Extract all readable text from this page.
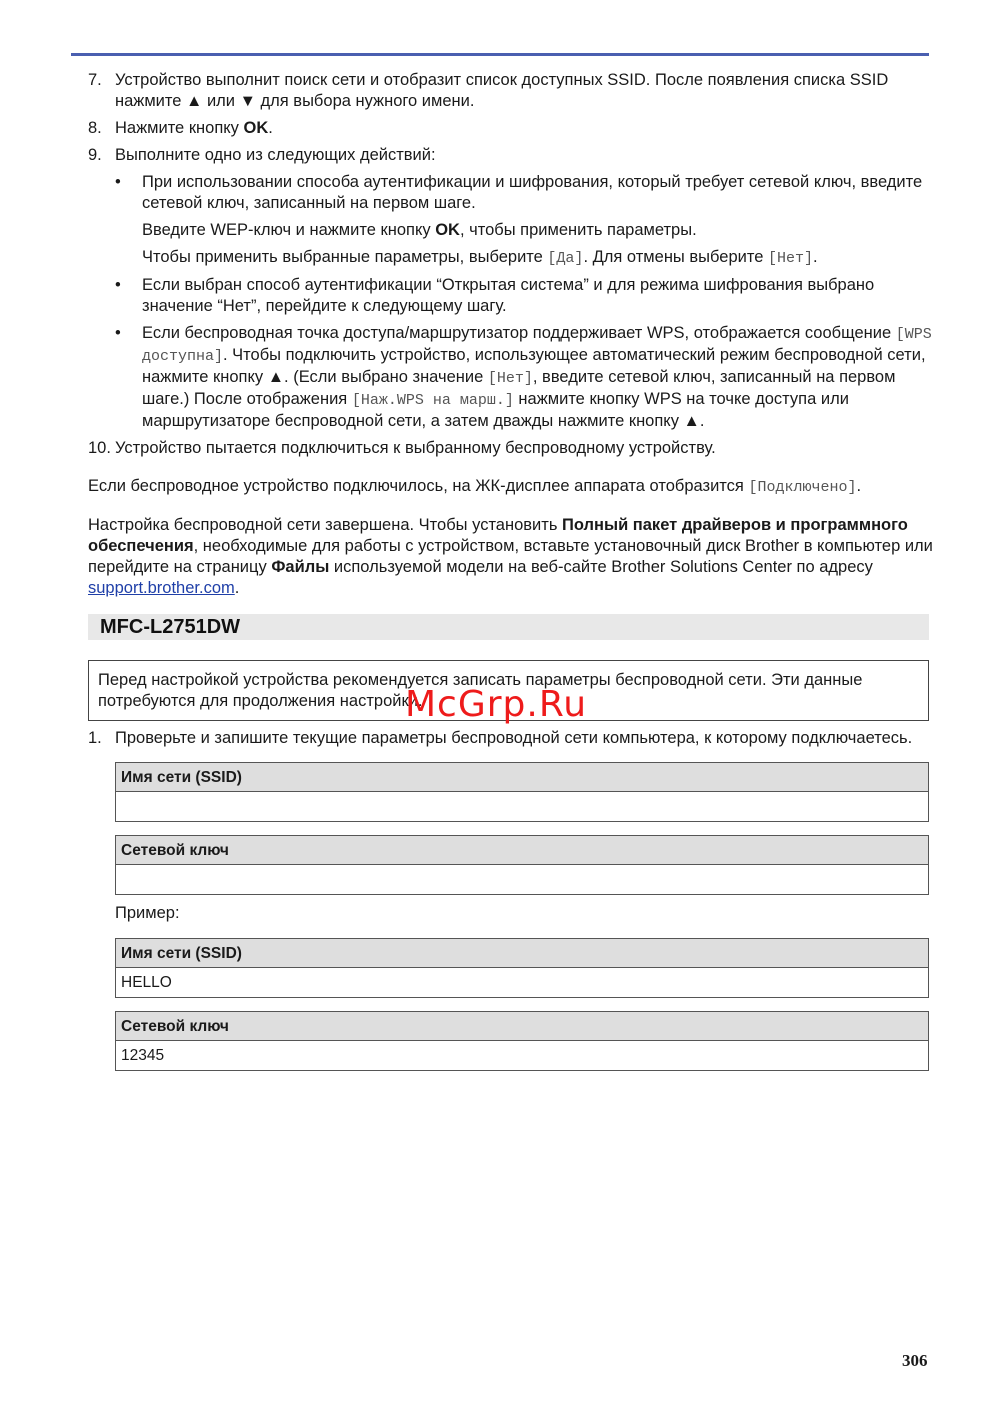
7. Устройство выполнит поиск сети и отобразит список доступных SSID. После появления списка SSID нажмите ▲ или ▼ для выбора нужного имени.
8. Нажмите кнопку OK.
9. Выполните одно из следующих действий:
• При использовании способа аутентификации и шифрования, который требует сетевой ключ, введите сетевой ключ, записанный на первом шаге.

Введите WEP-ключ и нажмите кнопку OK, чтобы применить параметры.

Чтобы применить выбранные параметры, выберите [Да]. Для отмены выберите [Нет].

• Если выбран способ аутентификации “Открытая система” и для режима шифрования выбрано значение “Нет”, перейдите к следующему шагу.
• Если беспроводная точка доступа/маршрутизатор поддерживает WPS, отображается сообщение [WPS доступна]. Чтобы подключить устройство, использующее автоматический режим беспроводной сети, нажмите кнопку ▲. (Если выбрано значение [Нет], введите сетевой ключ, записанный на первом шаге.) После отображения [Наж.WPS на марш.] нажмите кнопку WPS на точке доступа или маршрутизаторе беспроводной сети, а затем дважды нажмите кнопку ▲.
10. Устройство пытается подключиться к выбранному беспроводному устройству.

Если беспроводное устройство подключилось, на ЖК-дисплее аппарата отобразится [Подключено].

Настройка беспроводной сети завершена. Чтобы установить Полный пакет драйверов и программного обеспечения, необходимые для работы с устройством, вставьте установочный диск Brother в компьютер или перейдите на страницу Файлы используемой модели на веб-сайте Brother Solutions Center по адресу support.brother.com.

MFC-L2751DW
Перед настройкой устройства рекомендуется записать параметры беспроводной сети. Эти данные потребуются для продолжения настройки.
McGrp.Ru
1. Проверьте и запишите текущие параметры беспроводной сети компьютера, к которому подключаетесь.
Имя сети (SSID)
Сетевой ключ
Пример:
Имя сети (SSID)
HELLO
Сетевой ключ
12345
306
